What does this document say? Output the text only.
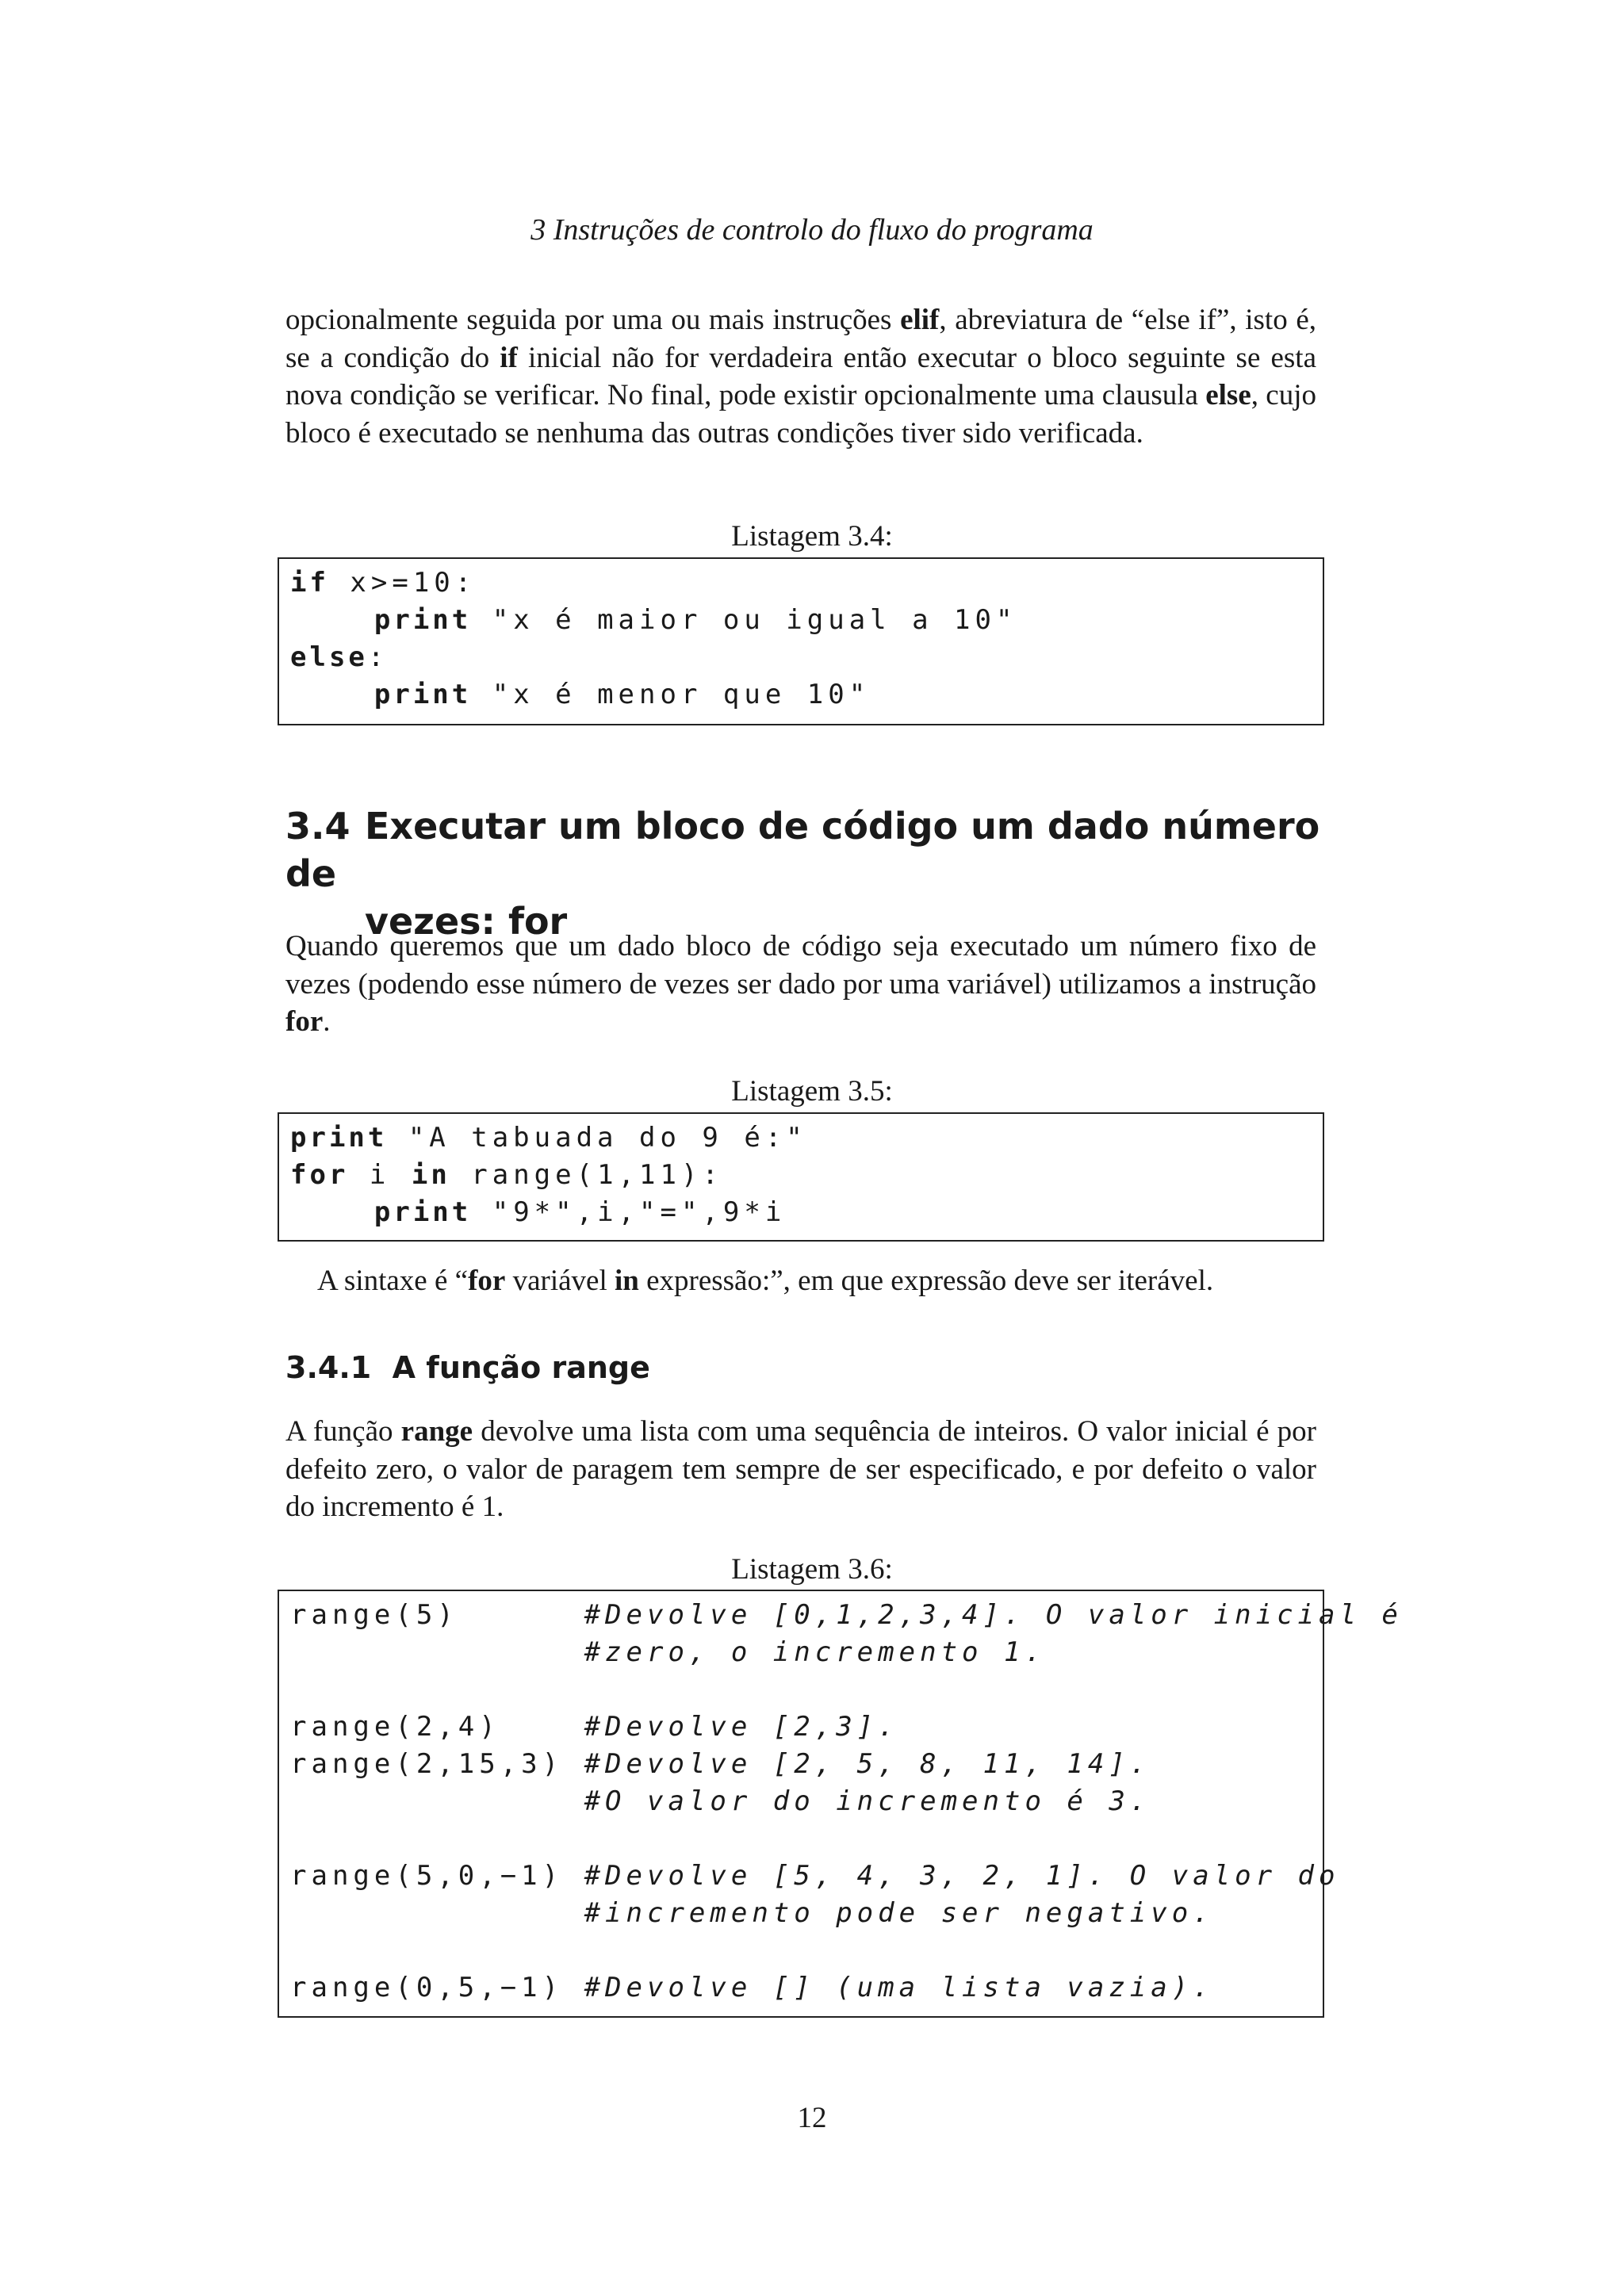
3 Instruções de controlo do fluxo do programa

opcionalmente seguida por uma ou mais instruções elif, abreviatura de “else if”, isto é, se a condição do if inicial não for verdadeira então executar o bloco seguinte se esta nova condição se verificar. No final, pode existir opcionalmente uma clausula else, cujo bloco é executado se nenhuma das outras condições tiver sido verificada.

Listagem 3.4:
if x>=10:
print "x é maior ou igual a 10"
else:
print "x é menor que 10"
3.4 Executar um bloco de código um dado número de
vezes: for

Quando queremos que um dado bloco de código seja executado um número fixo de vezes (podendo esse número de vezes ser dado por uma variável) utilizamos a instrução for.

Listagem 3.5:
print "A tabuada do 9 é:"
for i in range(1,11):
print "9*",i,"=",9*i

A sintaxe é “for variável in expressão:”, em que expressão deve ser iterável.

3.4.1 A função range

A função range devolve uma lista com uma sequência de inteiros. O valor inicial é por defeito zero, o valor de paragem tem sempre de ser especificado, e por defeito o valor do incremento é 1.

Listagem 3.6:
range(5)      #Devolve [0,1,2,3,4]. O valor inicial é
#zero, o incremento 1.
range(2,4)    #Devolve [2,3].
range(2,15,3) #Devolve [2, 5, 8, 11, 14].
#O valor do incremento é 3.
range(5,0,−1) #Devolve [5, 4, 3, 2, 1]. O valor do
#incremento pode ser negativo.
range(0,5,−1) #Devolve [] (uma lista vazia).
12
